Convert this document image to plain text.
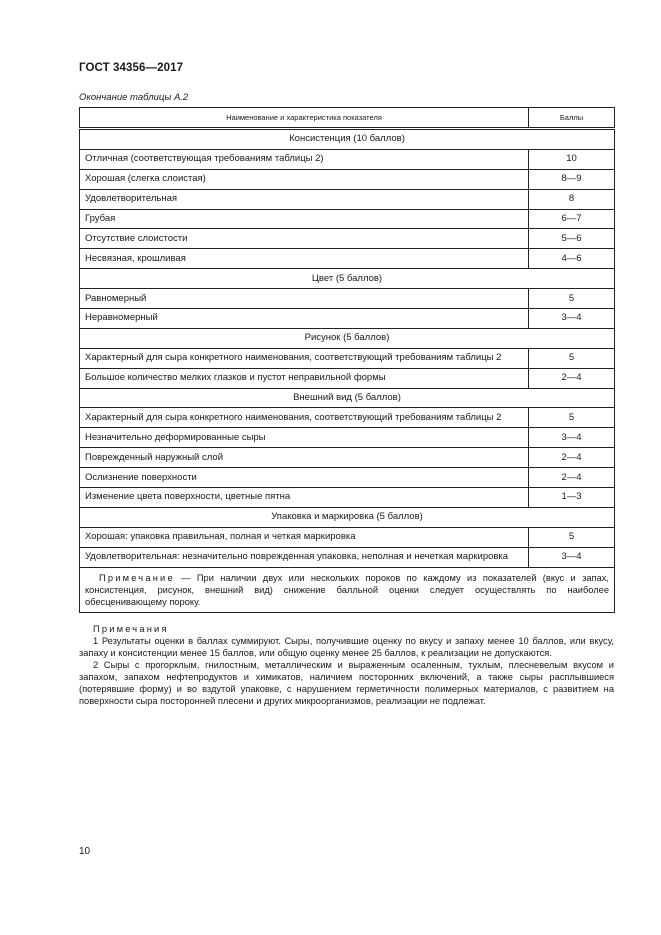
ГОСТ 34356—2017
Окончание таблицы А.2
Наименование и характеристика показателя	Баллы
Консистенция (10 баллов)	
Отличная (соответствующая требованиям таблицы 2)	10
Хорошая (слегка слоистая)	8—9
Удовлетворительная	8
Грубая	6—7
Отсутствие слоистости	5—6
Несвязная, крошливая	4—6
Цвет (5 баллов)	
Равномерный	5
Неравномерный	3—4
Рисунок (5 баллов)	
Характерный для сыра конкретного наименования, соответствующий требованиям таблицы 2	5
Большое количество мелких глазков и пустот неправильной формы	2—4
Внешний вид (5 баллов)	
Характерный для сыра конкретного наименования, соответствующий требованиям таблицы 2	5
Незначительно деформированные сыры	3—4
Поврежденный наружный слой	2—4
Ослизнение поверхности	2—4
Изменение цвета поверхности, цветные пятна	1—3
Упаковка и маркировка (5 баллов)	
Хорошая: упаковка правильная, полная и четкая маркировка	5
Удовлетворительная: незначительно поврежденная упаковка, неполная и нечеткая маркировка	3—4
Примечание — При наличии двух или нескольких пороков по каждому из показателей (вкус и запах, консистенция, рисунок, внешний вид) снижение балльной оценки следует осуществлять по наиболее обесценивающему пороку.	
Примечания
1 Результаты оценки в баллах суммируют. Сыры, получившие оценку по вкусу и запаху менее 10 баллов, или вкусу, запаху и консистенции менее 15 баллов, или общую оценку менее 25 баллов, к реализации не допускаются.
2 Сыры с прогорклым, гнилостным, металлическим и выраженным осаленным, тухлым, плесневелым вкусом и запахом, запахом нефтепродуктов и химикатов, наличием посторонних включений, а также сыры расплывшиеся (потерявшие форму) и во вздутой упаковке, с нарушением герметичности полимерных материалов, с развитием на поверхности сыра посторонней плесени и других микроорганизмов, реализации не подлежат.
10
